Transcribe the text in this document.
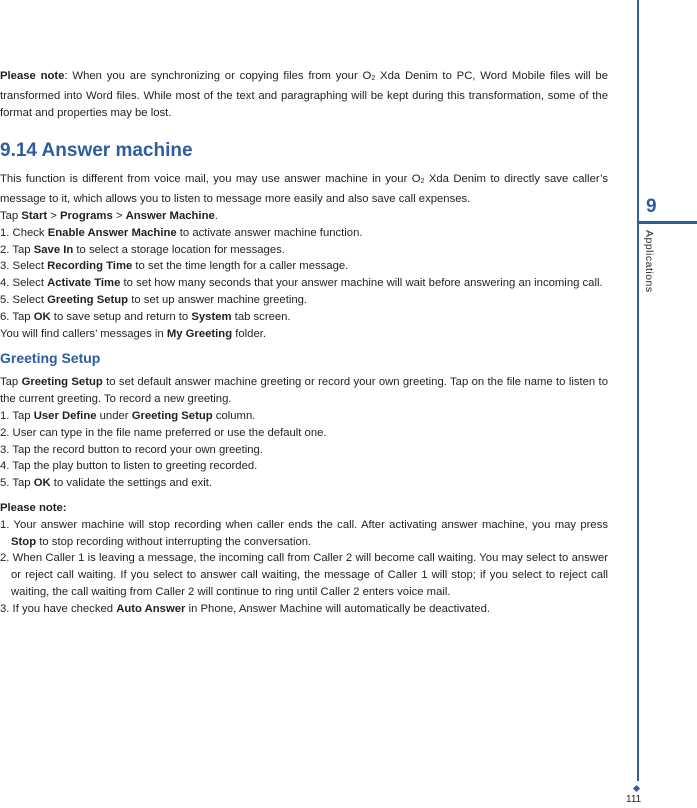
Please note: When you are synchronizing or copying files from your O2 Xda Denim to PC, Word Mobile files will be transformed into Word files. While most of the text and paragraphing will be kept during this transformation, some of the format and properties may be lost.

9.14 Answer machine

This function is different from voice mail, you may use answer machine in your O2 Xda Denim to directly save caller’s message to it, which allows you to listen to message more easily and also save call expenses.

Tap Start > Programs > Answer Machine.

1. Check Enable Answer Machine to activate answer machine function.

2. Tap Save In to select a storage location for messages.

3. Select Recording Time to set the time length for a caller message.

4. Select Activate Time to set how many seconds that your answer machine will wait before answering an incoming call.

5. Select Greeting Setup to set up answer machine greeting.

6. Tap OK to save setup and return to System tab screen.

You will find callers’ messages in My Greeting folder.

Greeting Setup

Tap Greeting Setup to set default answer machine greeting or record your own greeting. Tap on the file name to listen to the current greeting. To record a new greeting.

1. Tap User Define under Greeting Setup column.

2. User can type in the file name preferred or use the default one.

3. Tap the record button to record your own greeting.

4. Tap the play button to listen to greeting recorded.

5. Tap OK to validate the settings and exit.

Please note:

1. Your answer machine will stop recording when caller ends the call. After activating answer machine, you may press Stop to stop recording without interrupting the conversation.

2. When Caller 1 is leaving a message, the incoming call from Caller 2 will become call waiting. You may select to answer or reject call waiting. If you select to answer call waiting, the message of Caller 1 will stop; if you select to reject call waiting, the call waiting from Caller 2 will continue to ring until Caller 2 enters voice mail.

3. If you have checked Auto Answer in Phone, Answer Machine will automatically be deactivated.

9
Applications
111
